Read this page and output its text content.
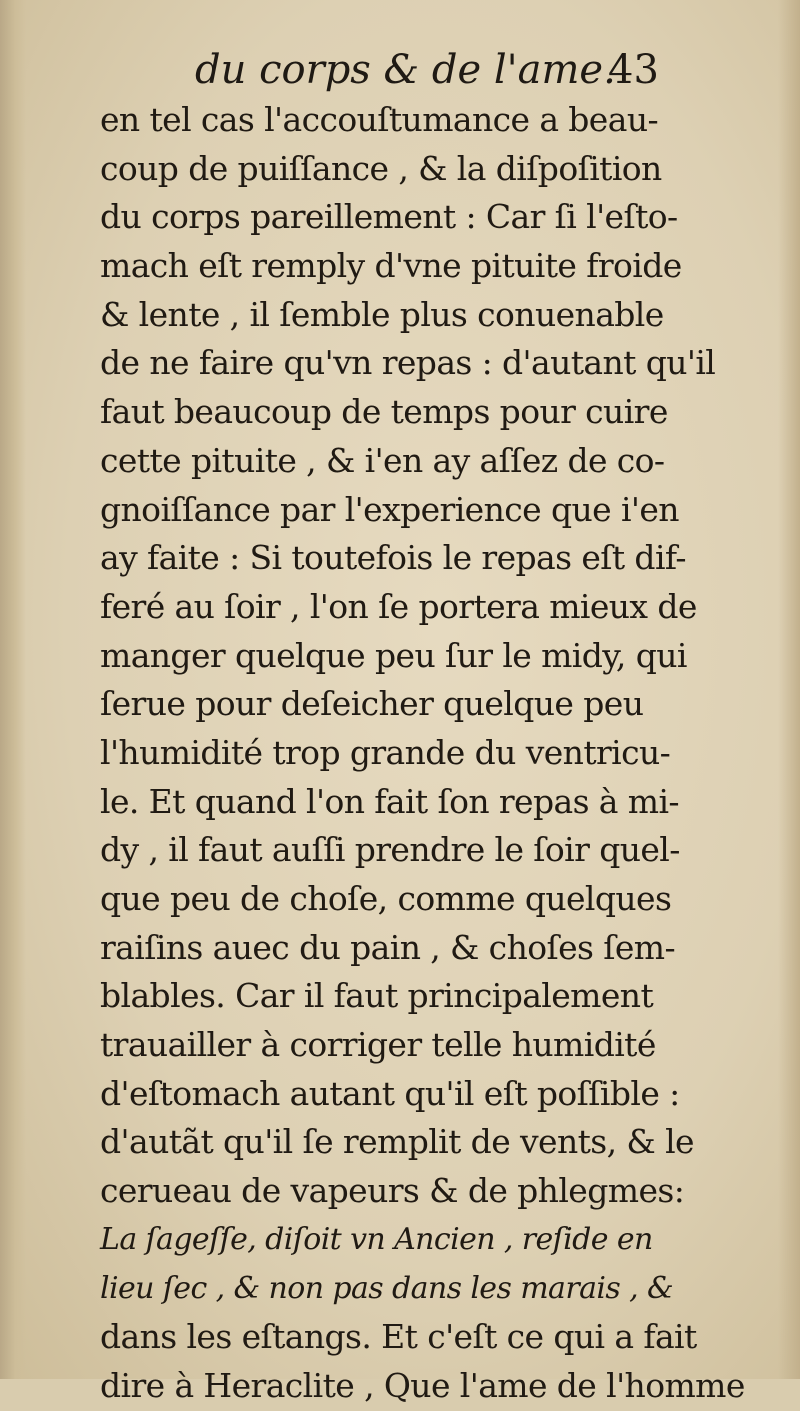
du corps & de l'ame.
43
en tel cas l'accouſtumance a beau-
coup de puiſſance , & la diſpoſition
du corps pareillement : Car ſi l'eſto-
mach eſt remply d'vne pituite froide
& lente , il ſemble plus conuenable
de ne faire qu'vn repas : d'autant qu'il
faut beaucoup de temps pour cuire
cette pituite , & i'en ay aſſez de co-
gnoiſſance par l'experience que i'en
ay faite : Si toutefois le repas eſt dif-
feré au ſoir , l'on ſe portera mieux de
manger quelque peu ſur le midy, qui
ſerue pour deſeicher quelque peu
l'humidité trop grande du ventricu-
le. Et quand l'on fait ſon repas à mi-
dy , il faut auſſi prendre le ſoir quel-
que peu de choſe, comme quelques
raiſins auec du pain , & choſes ſem-
blables. Car il faut principalement
trauailler à corriger telle humidité
d'eſtomach autant qu'il eſt poſſible :
d'autãt qu'il ſe remplit de vents, & le
cerueau de vapeurs & de phlegmes:
La ſageſſe, diſoit vn Ancien , reſide en
lieu ſec , & non pas dans les marais , &
dans les eſtangs. Et c'eſt ce qui a fait
dire à Heraclite , Que l'ame de l'homme
